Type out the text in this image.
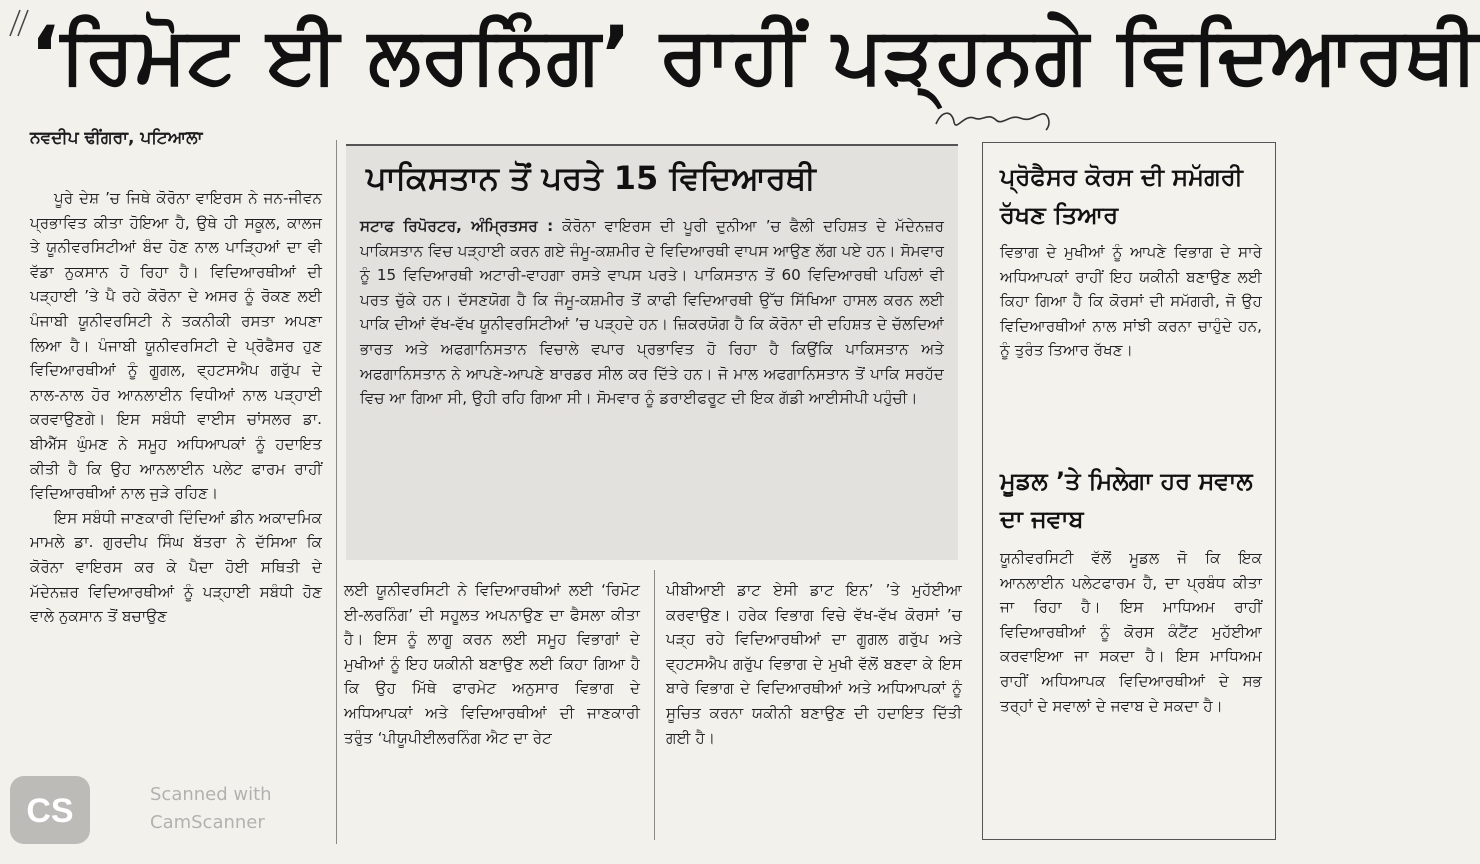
‘ਰਿਮੋਟ ਈ ਲਰਨਿੰਗ’ ਰਾਹੀਂ ਪੜ੍ਹਨਗੇ ਵਿਦਿਆਰਥੀ
ਨਵਦੀਪ ਢੀਂਗਰਾ, ਪਟਿਆਲਾ

ਪੂਰੇ ਦੇਸ਼ ’ਚ ਜਿਥੇ ਕੋਰੋਨਾ ਵਾਇਰਸ ਨੇ ਜਨ-ਜੀਵਨ ਪ੍ਰਭਾਵਿਤ ਕੀਤਾ ਹੋਇਆ ਹੈ, ਉਥੇ ਹੀ ਸਕੂਲ, ਕਾਲਜ ਤੇ ਯੂਨੀਵਰਸਿਟੀਆਂ ਬੰਦ ਹੋਣ ਨਾਲ ਪਾੜ੍ਹਿਆਂ ਦਾ ਵੀ ਵੱਡਾ ਨੁਕਸਾਨ ਹੋ ਰਿਹਾ ਹੈ। ਵਿਦਿਆਰਥੀਆਂ ਦੀ ਪੜ੍ਹਾਈ ’ਤੇ ਪੈ ਰਹੇ ਕੋਰੋਨਾ ਦੇ ਅਸਰ ਨੂੰ ਰੋਕਣ ਲਈ ਪੰਜਾਬੀ ਯੂਨੀਵਰਸਿਟੀ ਨੇ ਤਕਨੀਕੀ ਰਸਤਾ ਅਪਣਾ ਲਿਆ ਹੈ। ਪੰਜਾਬੀ ਯੂਨੀਵਰਸਿਟੀ ਦੇ ਪ੍ਰੋਫੈਸਰ ਹੁਣ ਵਿਦਿਆਰਥੀਆਂ ਨੂੰ ਗੂਗਲ, ਵ੍ਹਟਸਐਪ ਗਰੁੱਪ ਦੇ ਨਾਲ-ਨਾਲ ਹੋਰ ਆਨਲਾਈਨ ਵਿਧੀਆਂ ਨਾਲ ਪੜ੍ਹਾਈ ਕਰਵਾਉਣਗੇ। ਇਸ ਸਬੰਧੀ ਵਾਈਸ ਚਾਂਸਲਰ ਡਾ. ਬੀਐੱਸ ਘੁੰਮਣ ਨੇ ਸਮੂਹ ਅਧਿਆਪਕਾਂ ਨੂੰ ਹਦਾਇਤ ਕੀਤੀ ਹੈ ਕਿ ਉਹ ਆਨਲਾਈਨ ਪਲੇਟ ਫਾਰਮ ਰਾਹੀਂ ਵਿਦਿਆਰਥੀਆਂ ਨਾਲ ਜੁੜੇ ਰਹਿਣ।

ਇਸ ਸਬੰਧੀ ਜਾਣਕਾਰੀ ਦਿੰਦਿਆਂ ਡੀਨ ਅਕਾਦਮਿਕ ਮਾਮਲੇ ਡਾ. ਗੁਰਦੀਪ ਸਿੰਘ ਬੱਤਰਾ ਨੇ ਦੱਸਿਆ ਕਿ ਕੋਰੋਨਾ ਵਾਇਰਸ ਕਰ ਕੇ ਪੈਦਾ ਹੋਈ ਸਥਿਤੀ ਦੇ ਮੱਦੇਨਜ਼ਰ ਵਿਦਿਆਰਥੀਆਂ ਨੂੰ ਪੜ੍ਹਾਈ ਸਬੰਧੀ ਹੋਣ ਵਾਲੇ ਨੁਕਸਾਨ ਤੋਂ ਬਚਾਉਣ

ਪਾਕਿਸਤਾਨ ਤੋਂ ਪਰਤੇ 15 ਵਿਦਿਆਰਥੀ
ਸਟਾਫ ਰਿਪੋਰਟਰ, ਅੰਮ੍ਰਿਤਸਰ : ਕੋਰੋਨਾ ਵਾਇਰਸ ਦੀ ਪੂਰੀ ਦੁਨੀਆ ’ਚ ਫੈਲੀ ਦਹਿਸ਼ਤ ਦੇ ਮੱਦੇਨਜ਼ਰ ਪਾਕਿਸਤਾਨ ਵਿਚ ਪੜ੍ਹਾਈ ਕਰਨ ਗਏ ਜੰਮੂ-ਕਸ਼ਮੀਰ ਦੇ ਵਿਦਿਆਰਥੀ ਵਾਪਸ ਆਉਣ ਲੱਗ ਪਏ ਹਨ। ਸੋਮਵਾਰ ਨੂੰ 15 ਵਿਦਿਆਰਥੀ ਅਟਾਰੀ-ਵਾਹਗਾ ਰਸਤੇ ਵਾਪਸ ਪਰਤੇ। ਪਾਕਿਸਤਾਨ ਤੋਂ 60 ਵਿਦਿਆਰਥੀ ਪਹਿਲਾਂ ਵੀ ਪਰਤ ਚੁੱਕੇ ਹਨ। ਦੱਸਣਯੋਗ ਹੈ ਕਿ ਜੰਮੂ-ਕਸ਼ਮੀਰ ਤੋਂ ਕਾਫੀ ਵਿਦਿਆਰਥੀ ਉੱਚ ਸਿੱਖਿਆ ਹਾਸਲ ਕਰਨ ਲਈ ਪਾਕਿ ਦੀਆਂ ਵੱਖ-ਵੱਖ ਯੂਨੀਵਰਸਿਟੀਆਂ ’ਚ ਪੜ੍ਹਦੇ ਹਨ। ਜ਼ਿਕਰਯੋਗ ਹੈ ਕਿ ਕੋਰੋਨਾ ਦੀ ਦਹਿਸ਼ਤ ਦੇ ਚੱਲਦਿਆਂ ਭਾਰਤ ਅਤੇ ਅਫਗਾਨਿਸਤਾਨ ਵਿਚਾਲੇ ਵਪਾਰ ਪ੍ਰਭਾਵਿਤ ਹੋ ਰਿਹਾ ਹੈ ਕਿਉਂਕਿ ਪਾਕਿਸਤਾਨ ਅਤੇ ਅਫਗਾਨਿਸਤਾਨ ਨੇ ਆਪਣੇ-ਆਪਣੇ ਬਾਰਡਰ ਸੀਲ ਕਰ ਦਿੱਤੇ ਹਨ। ਜੋ ਮਾਲ ਅਫਗਾਨਿਸਤਾਨ ਤੋਂ ਪਾਕਿ ਸਰਹੱਦ ਵਿਚ ਆ ਗਿਆ ਸੀ, ਉਹੀ ਰਹਿ ਗਿਆ ਸੀ। ਸੋਮਵਾਰ ਨੂੰ ਡਰਾਈਫਰੂਟ ਦੀ ਇਕ ਗੱਡੀ ਆਈਸੀਪੀ ਪਹੁੰਚੀ।
ਲਈ ਯੂਨੀਵਰਸਿਟੀ ਨੇ ਵਿਦਿਆਰਥੀਆਂ ਲਈ ‘ਰਿਮੋਟ ਈ-ਲਰਨਿੰਗ’ ਦੀ ਸਹੂਲਤ ਅਪਨਾਉਣ ਦਾ ਫੈਸਲਾ ਕੀਤਾ ਹੈ। ਇਸ ਨੂੰ ਲਾਗੂ ਕਰਨ ਲਈ ਸਮੂਹ ਵਿਭਾਗਾਂ ਦੇ ਮੁਖੀਆਂ ਨੂੰ ਇਹ ਯਕੀਨੀ ਬਣਾਉਣ ਲਈ ਕਿਹਾ ਗਿਆ ਹੈ ਕਿ ਉਹ ਮਿੱਥੇ ਫਾਰਮੇਟ ਅਨੁਸਾਰ ਵਿਭਾਗ ਦੇ ਅਧਿਆਪਕਾਂ ਅਤੇ ਵਿਦਿਆਰਥੀਆਂ ਦੀ ਜਾਣਕਾਰੀ ਤਰੁੰਤ ‘ਪੀਯੂਪੀਈਲਰਨਿੰਗ ਐਟ ਦਾ ਰੇਟ
ਪੀਬੀਆਈ ਡਾਟ ਏਸੀ ਡਾਟ ਇਨ’ ’ਤੇ ਮੁਹੱਈਆ ਕਰਵਾਉਣ। ਹਰੇਕ ਵਿਭਾਗ ਵਿਚੇ ਵੱਖ-ਵੱਖ ਕੋਰਸਾਂ ’ਚ ਪੜ੍ਹ ਰਹੇ ਵਿਦਿਆਰਥੀਆਂ ਦਾ ਗੂਗਲ ਗਰੁੱਪ ਅਤੇ ਵ੍ਹਟਸਐਪ ਗਰੁੱਪ ਵਿਭਾਗ ਦੇ ਮੁਖੀ ਵੱਲੋਂ ਬਣਵਾ ਕੇ ਇਸ ਬਾਰੇ ਵਿਭਾਗ ਦੇ ਵਿਦਿਆਰਥੀਆਂ ਅਤੇ ਅਧਿਆਪਕਾਂ ਨੂੰ ਸੂਚਿਤ ਕਰਨਾ ਯਕੀਨੀ ਬਣਾਉਣ ਦੀ ਹਦਾਇਤ ਦਿੱਤੀ ਗਈ ਹੈ।
ਪ੍ਰੋਫੈਸਰ ਕੋਰਸ ਦੀ ਸਮੱਗਰੀ ਰੱਖਣ ਤਿਆਰ
ਵਿਭਾਗ ਦੇ ਮੁਖੀਆਂ ਨੂੰ ਆਪਣੇ ਵਿਭਾਗ ਦੇ ਸਾਰੇ ਅਧਿਆਪਕਾਂ ਰਾਹੀਂ ਇਹ ਯਕੀਨੀ ਬਣਾਉਣ ਲਈ ਕਿਹਾ ਗਿਆ ਹੈ ਕਿ ਕੋਰਸਾਂ ਦੀ ਸਮੱਗਰੀ, ਜੋ ਉਹ ਵਿਦਿਆਰਥੀਆਂ ਨਾਲ ਸਾਂਝੀ ਕਰਨਾ ਚਾਹੁੰਦੇ ਹਨ, ਨੂੰ ਤੁਰੰਤ ਤਿਆਰ ਰੱਖਣ।
ਮੂਡਲ ’ਤੇ ਮਿਲੇਗਾ ਹਰ ਸਵਾਲ ਦਾ ਜਵਾਬ
ਯੂਨੀਵਰਸਿਟੀ ਵੱਲੋਂ ਮੂਡਲ ਜੋ ਕਿ ਇਕ ਆਨਲਾਈਨ ਪਲੇਟਫਾਰਮ ਹੈ, ਦਾ ਪ੍ਰਬੰਧ ਕੀਤਾ ਜਾ ਰਿਹਾ ਹੈ। ਇਸ ਮਾਧਿਅਮ ਰਾਹੀਂ ਵਿਦਿਆਰਥੀਆਂ ਨੂੰ ਕੋਰਸ ਕੰਟੈਂਟ ਮੁਹੱਈਆ ਕਰਵਾਇਆ ਜਾ ਸਕਦਾ ਹੈ। ਇਸ ਮਾਧਿਅਮ ਰਾਹੀਂ ਅਧਿਆਪਕ ਵਿਦਿਆਰਥੀਆਂ ਦੇ ਸਭ ਤਰ੍ਹਾਂ ਦੇ ਸਵਾਲਾਂ ਦੇ ਜਵਾਬ ਦੇ ਸਕਦਾ ਹੈ।
CS	Scanned with
CamScanner
